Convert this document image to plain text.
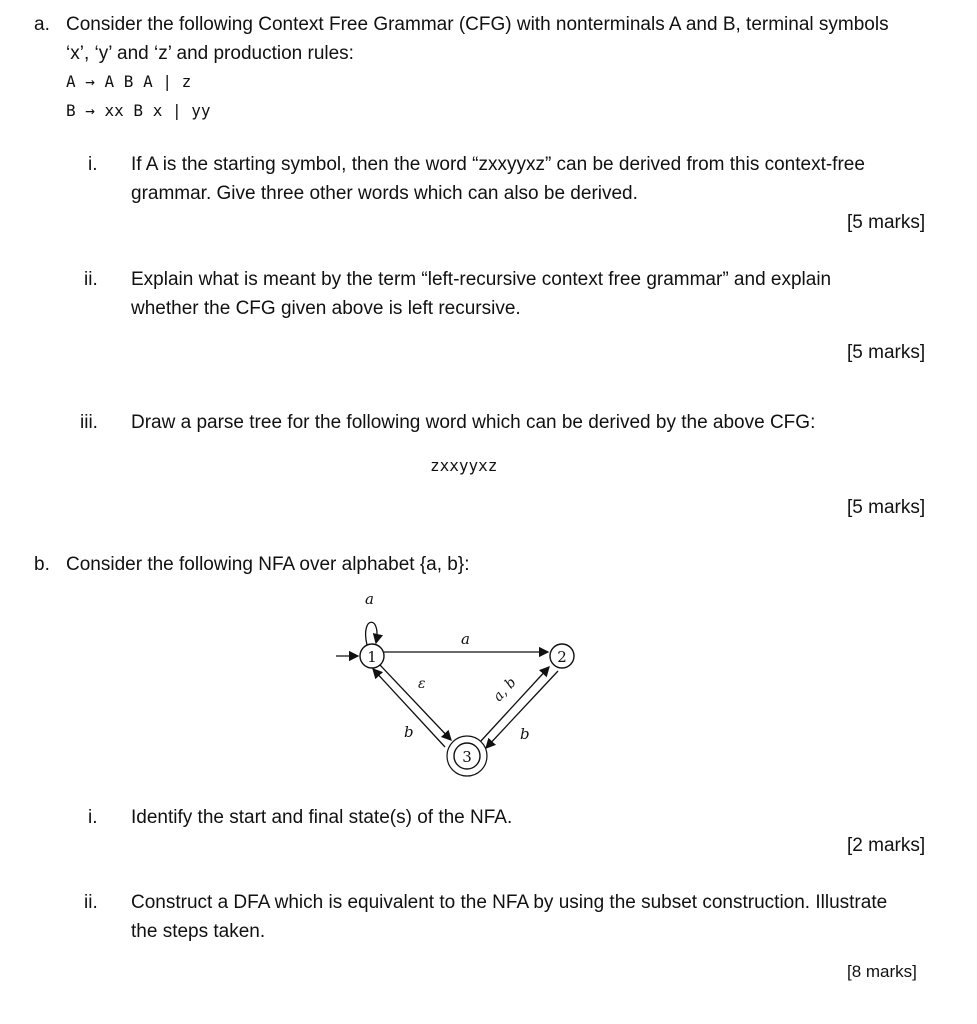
a. Consider the following Context Free Grammar (CFG) with nonterminals A and B, terminal symbols
‘x’, ‘y’ and ‘z’ and production rules:
A → A B A | z
B → xx B x | yy
i. If A is the starting symbol, then the word “zxxyyxz” can be derived from this context-free
grammar. Give three other words which can also be derived.
[5 marks]
ii. Explain what is meant by the term “left-recursive context free grammar” and explain
whether the CFG given above is left recursive.
[5 marks]
iii. Draw a parse tree for the following word which can be derived by the above CFG:
zxxyyxz
[5 marks]
b. Consider the following NFA over alphabet {a, b}:
a
a
ε
b
a, b
b
1	2
3
i. Identify the start and final state(s) of the NFA.
[2 marks]
ii. Construct a DFA which is equivalent to the NFA by using the subset construction. Illustrate
the steps taken.
[8 marks]
